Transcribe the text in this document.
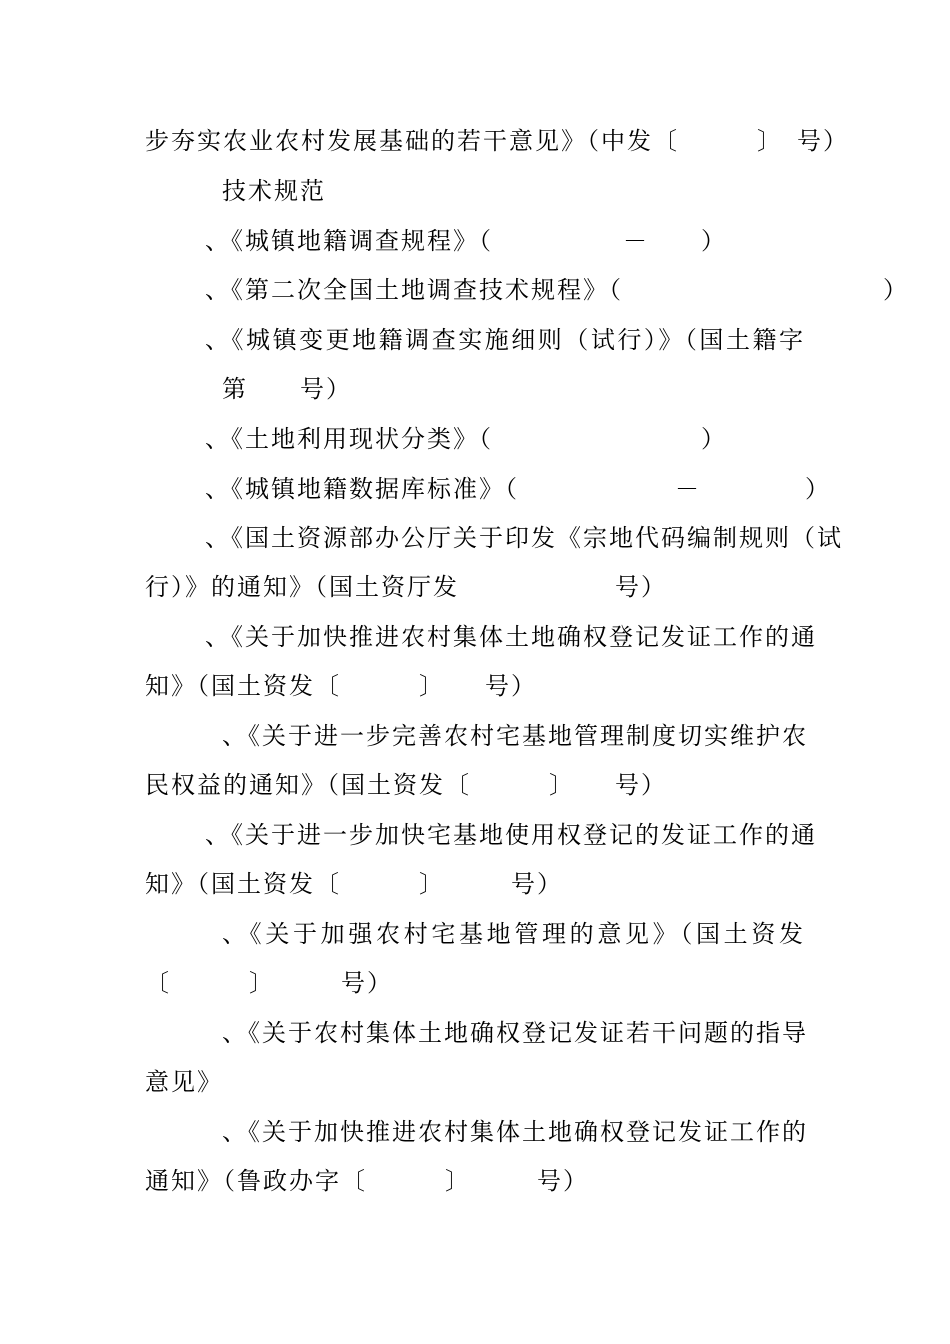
步夯实农业农村发展基础的若干意见》（中发〔　　　〕　号）

技术规范

、《城镇地籍调查规程》（　　　　　－　　）

、《第二次全国土地调查技术规程》（　　　　　　　　　　）

、《城镇变更地籍调查实施细则（试行）》（国土籍字

第　　号）

、《土地利用现状分类》（　　　　　　　　）

、《城镇地籍数据库标准》（　　　　　　－　　　　）

、《国土资源部办公厅关于印发《宗地代码编制规则（试

行）》的通知》（国土资厅发　　　　　　号）

、《关于加快推进农村集体土地确权登记发证工作的通

知》（国土资发〔　　　〕　　号）

、《关于进一步完善农村宅基地管理制度切实维护农

民权益的通知》（国土资发〔　　　〕　　号）

、《关于进一步加快宅基地使用权登记的发证工作的通

知》（国土资发〔　　　〕　　　号）

、《关于加强农村宅基地管理的意见》（国土资发

〔　　　〕　　　号）

、《关于农村集体土地确权登记发证若干问题的指导

意见》

、《关于加快推进农村集体土地确权登记发证工作的

通知》（鲁政办字〔　　　〕　　　号）
